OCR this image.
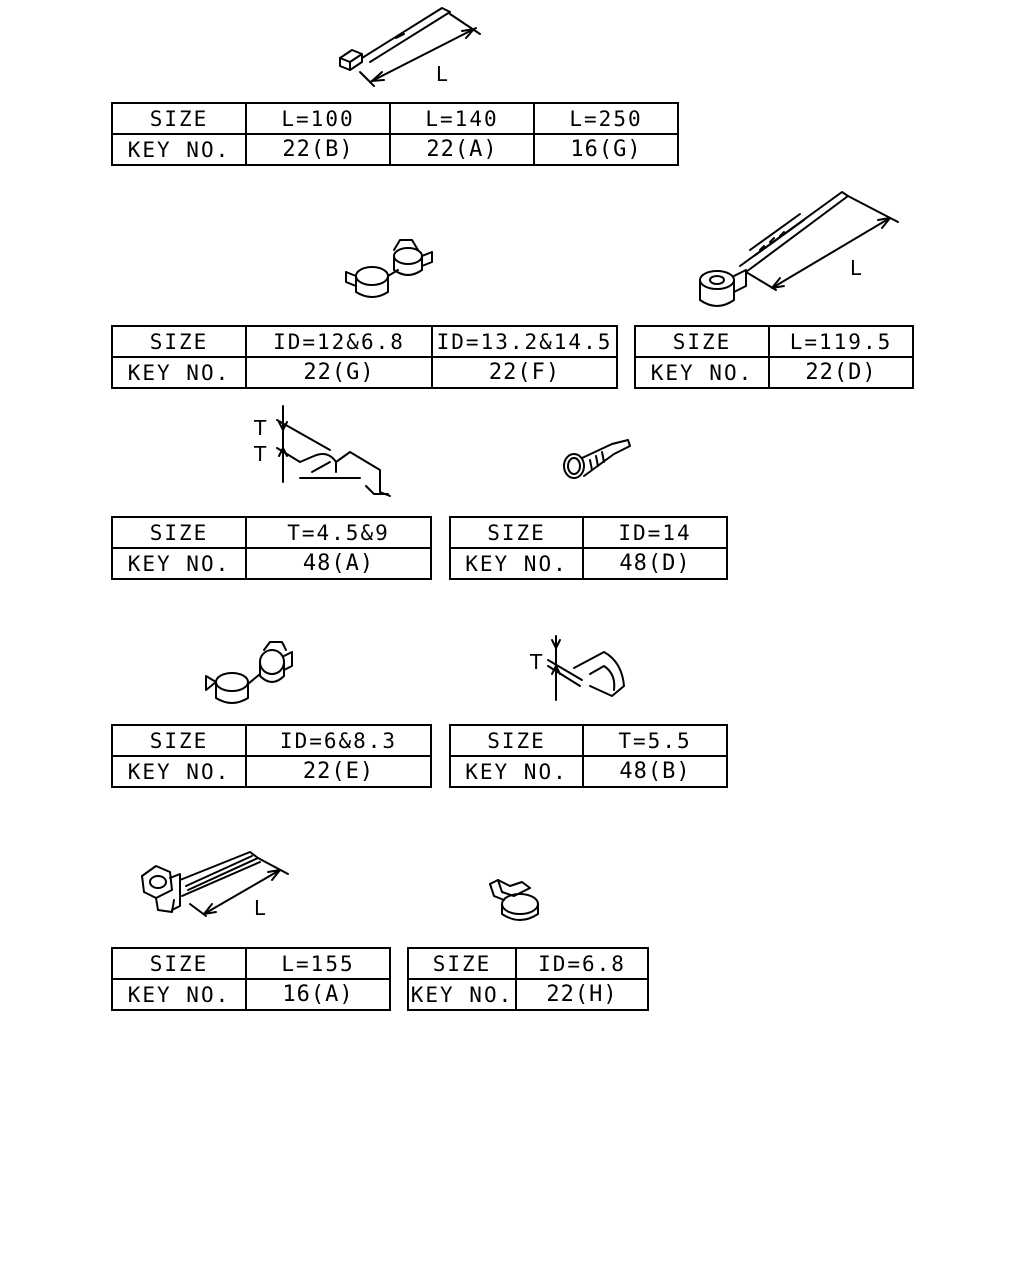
L
L
T
T
T
L
SIZE	L=100	L=140	L=250
KEY NO.	22(B)	22(A)	16(G)
SIZE	ID=12&6.8	ID=13.2&14.5
KEY NO.	22(G)	22(F)
SIZE	L=119.5
KEY NO.	22(D)
SIZE	T=4.5&9
KEY NO.	48(A)
SIZE	ID=14
KEY NO.	48(D)
SIZE	ID=6&8.3
KEY NO.	22(E)
SIZE	T=5.5
KEY NO.	48(B)
SIZE	L=155
KEY NO.	16(A)
SIZE	ID=6.8
KEY NO.	22(H)
